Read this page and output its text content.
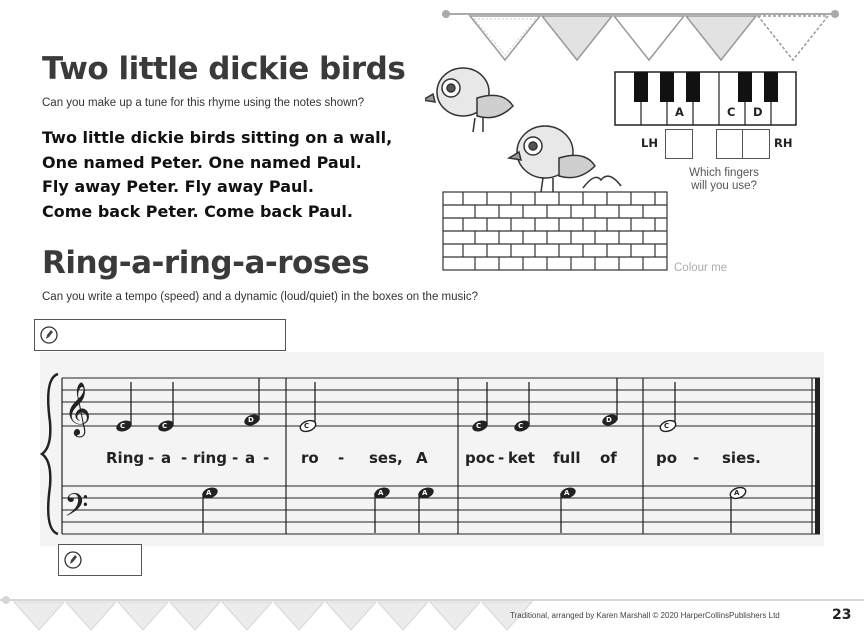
Two little dickie birds
Can you make up a tune for this rhyme using the notes shown?
Two little dickie birds sitting on a wall,
One named Peter. One named Paul.
Fly away Peter. Fly away Paul.
Come back Peter. Come back Paul.
Colour me
A	C D
LH	RH
Which fingers
will you use?
Ring-a-ring-a-roses
Can you write a tempo (speed) and a dynamic (loud/quiet) in the boxes on the music?
𝄞
𝄢
C	C
D
C	C	C
D
C
A	A	A	A	A
Ring - a - ring - a - ro - ses, A poc - ket full of	po - sies.
Traditional, arranged by Karen Marshall © 2020 HarperCollinsPublishers Ltd	23
